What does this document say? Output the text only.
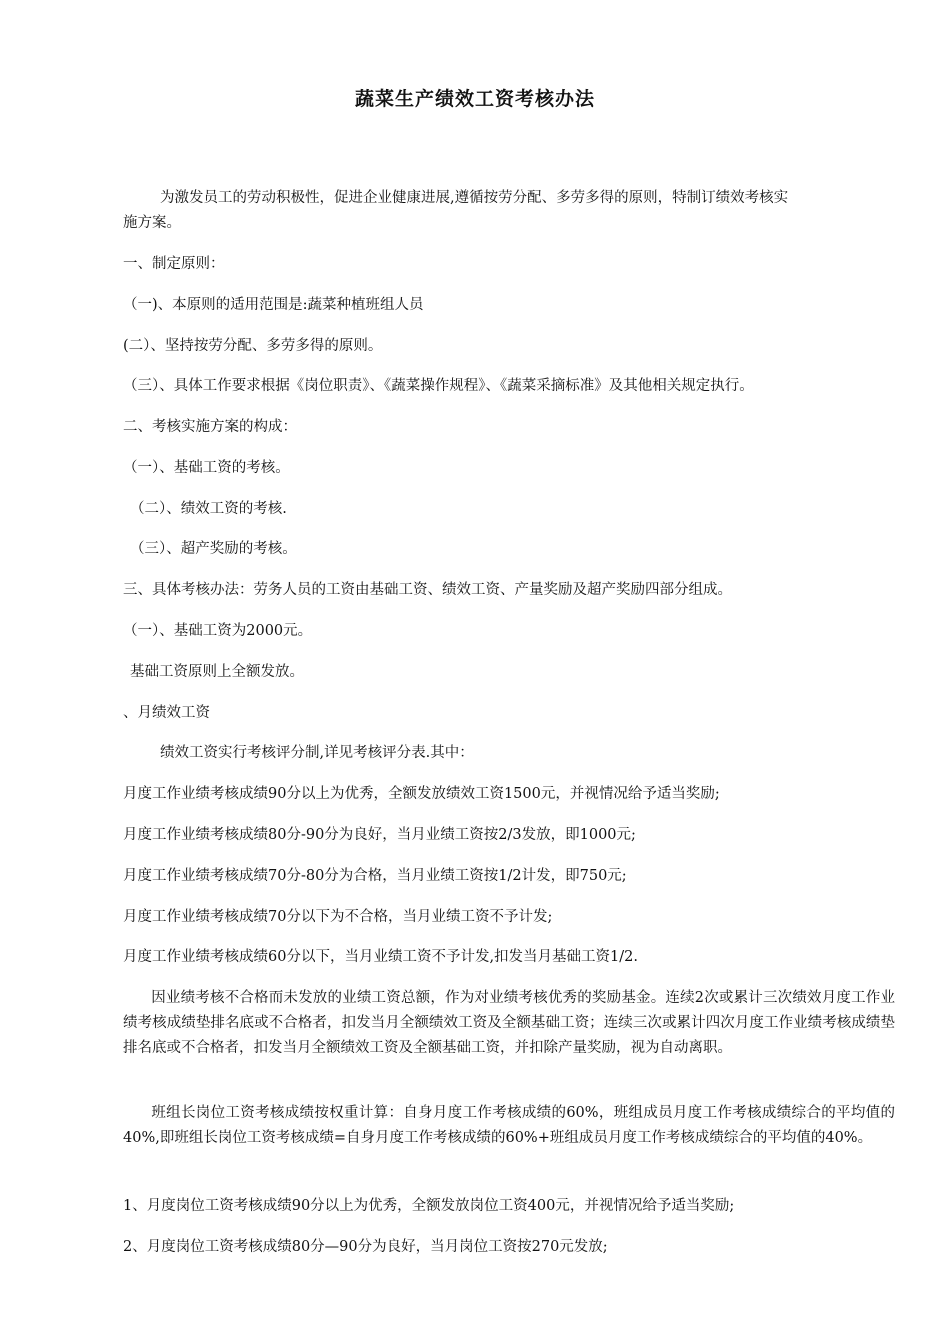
蔬菜生产绩效工资考核办法
为激发员工的劳动积极性，促进企业健康进展,遵循按劳分配、多劳多得的原则，特制订绩效考核实
施方案。
一、制定原则：
（一)、本原则的适用范围是:蔬菜种植班组人员
(二）、坚持按劳分配、多劳多得的原则。
（三）、具体工作要求根据《岗位职责》、《蔬菜操作规程》、《蔬菜采摘标准》及其他相关规定执行。
二、考核实施方案的构成：
（一）、基础工资的考核。
（二）、绩效工资的考核.
（三）、超产奖励的考核。
三、具体考核办法：劳务人员的工资由基础工资、绩效工资、产量奖励及超产奖励四部分组成。
（一）、基础工资为2000元。
基础工资原则上全额发放。
、月绩效工资
绩效工资实行考核评分制,详见考核评分表.其中：
月度工作业绩考核成绩90分以上为优秀，全额发放绩效工资1500元，并视情况给予适当奖励;
月度工作业绩考核成绩80分-90分为良好，当月业绩工资按2/3发放，即1000元;
月度工作业绩考核成绩70分-80分为合格，当月业绩工资按1/2计发，即750元;
月度工作业绩考核成绩70分以下为不合格，当月业绩工资不予计发;
月度工作业绩考核成绩60分以下，当月业绩工资不予计发,扣发当月基础工资1/2.
因业绩考核不合格而未发放的业绩工资总额，作为对业绩考核优秀的奖励基金。连续2次或累计三次绩效月度工作业绩考核成绩垫排名底或不合格者，扣发当月全额绩效工资及全额基础工资；连续三次或累计四次月度工作业绩考核成绩垫排名底或不合格者，扣发当月全额绩效工资及全额基础工资，并扣除产量奖励，视为自动离职。
班组长岗位工资考核成绩按权重计算：自身月度工作考核成绩的60%，班组成员月度工作考核成绩综合的平均值的40%,即班组长岗位工资考核成绩=自身月度工作考核成绩的60%+班组成员月度工作考核成绩综合的平均值的40%。
1、月度岗位工资考核成绩90分以上为优秀，全额发放岗位工资400元，并视情况给予适当奖励;
2、月度岗位工资考核成绩80分—90分为良好，当月岗位工资按270元发放;
